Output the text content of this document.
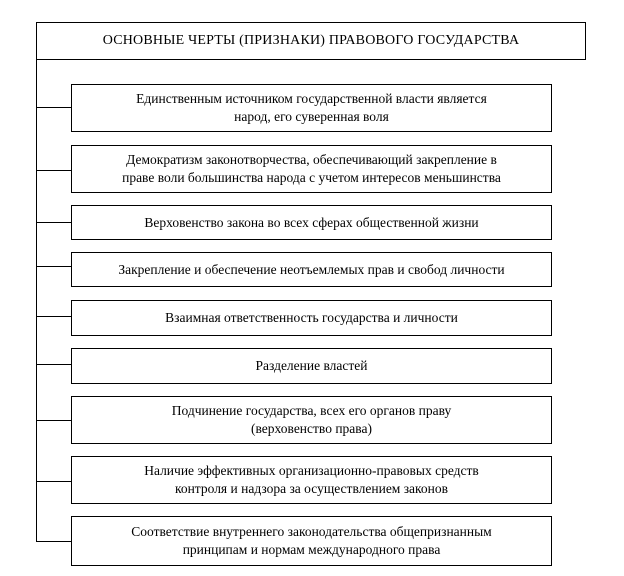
ОСНОВНЫЕ ЧЕРТЫ (ПРИЗНАКИ) ПРАВОВОГО ГОСУДАРСТВА
Единственным источником государственной власти является
народ, его суверенная воля
Демократизм законотворчества, обеспечивающий закрепление в
праве воли большинства народа с учетом интересов меньшинства
Верховенство закона во всех сферах общественной жизни
Закрепление и обеспечение неотъемлемых прав и свобод личности
Взаимная ответственность государства и личности
Разделение властей
Подчинение государства, всех его органов праву
(верховенство права)
Наличие эффективных организационно-правовых средств
контроля и надзора за осуществлением законов
Соответствие внутреннего законодательства общепризнанным
принципам и нормам международного права
